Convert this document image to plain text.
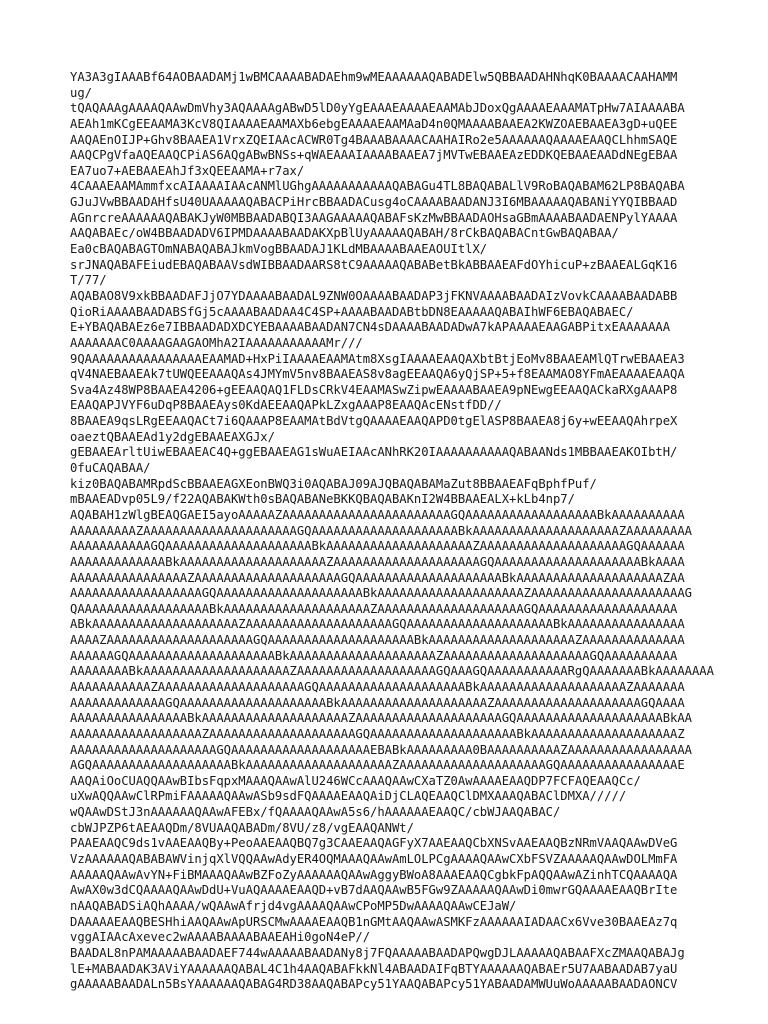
YA3A3gIAAABf64AOBAADAMj1wBMCAAAABADAEhm9wMEAAAAAAQABADElw5QBBAADAHNhqK0BAAAACAAHAMM
ug/
tQAQAAAgAAAAQAAwDmVhy3AQAAAAgABwD5lD0yYgEAAAEAAAAEAAMAbJDoxQgAAAAEAAAMATpHw7AIAAAABA
AEAh1mKCgEEAAMA3KcV8QIAAAAEAAMAXb6ebgEAAAAEAAMAaD4n0QMAAAABAAEA2KWZOAEBAAEA3gD+uQEE
AAQAEnOIJP+Ghv8BAAEA1VrxZQEIAAcACWR0Tg4BAAABAAAACAAHAIRo2e5AAAAAAQAAAAEAAQCLhhmSAQE
AAQCPgVfaAQEAAQCPiAS6AQgABwBNSs+qWAEAAAIAAAABAAEA7jMVTwEBAAEAzEDDKQEBAAEAADdNEgEBAA
EA7uo7+AEBAAEAhJf3xQEEAAMA+r7ax/
4CAAAEAAMAmmfxcAIAAAAIAAcANMlUGhgAAAAAAAAAAAQABAGu4TL8BAQABALlV9RoBAQABAM62LP8BAQABA
GJuJVwBBAADAHfsU40UAAAAAQABACPiHrcBBAADACusg4oCAAAABAADANJ3I6MBAAAAAQABANiYYQIBBAAD
AGnrcreAAAAAAQABAKJyW0MBBAADABQI3AAGAAAAAQABAFsKzMwBBAADAOHsaGBmAAAABAADAENPylYAAAA
AAQABAEc/oW4BBAADADV6IPMDAAAABAADAKXpBlUyAAAAAQABAH/8rCkBAQABACntGwBAQABAA/
Ea0cBAQABAGTOmNABAQABAJkmVogBBAADAJ1KLdMBAAAABAAEAOUItlX/
srJNAQABAFEiudEBAQABAAVsdWIBBAADAARS8tC9AAAAAQABABetBkABBAAEAFdOYhicuP+zBAAEALGqK16
T/77/
AQABAO8V9xkBBAADAFJjO7YDAAAABAADAL9ZNW0OAAAABAADAP3jFKNVAAAABAADAIzVovkCAAAABAADABB
QioRiAAAABAADABSfGj5cAAAABAADAA4C4SP+AAAABAADABtbDN8EAAAAAQABAIhWF6EBAQABAEC/
E+YBAQABAEz6e7IBBAADADXDCYEBAAAABAADAN7CN4sDAAAABAADADwA7kAPAAAAEAAGABPitxEAAAAAAA
AAAAAAAC0AAAAGAAGAOMhA2IAAAAAAAAAAAMr///
9QAAAAAAAAAAAAAAAAEAAMAD+HxPiIAAAAEAAMAtm8XsgIAAAAEAAQAXbtBtjEoMv8BAAEAMlQTrwEBAAEA3
qV4NAEBAAEAk7tUWQEEAAAQAs4JMYmV5nv8BAAEAS8v8agEEAAQA6yQjSP+5+f8EAAMAO8YFmAEAAAAEAAQA
Sva4Az48WP8BAAEA4206+gEEAAQAQ1FLDsCRkV4EAAMASwZipwEAAAABAAEA9pNEwgEEAAQACkaRXgAAAP8
EAAQAPJVYF6uDqP8BAAEAys0KdAEEAAQAPkLZxgAAAP8EAAQAcENstfDD//
8BAAEA9qsLRgEEAAQACt7i6QAAAP8EAAMAtBdVtgQAAAAEAAQAPD0tgElASP8BAAEA8j6y+wEEAAQAhrpeX
oaeztQBAAEAd1y2dgEBAAEAXGJx/
gEBAAEArltUiwEBAAEAC4Q+ggEBAAEAG1sWuAEIAAcANhRK20IAAAAAAAAAAQABAANds1MBBAAEAKOIbtH/
0fuCAQABAA/
kiz0BAQABAMRpdScBBAAEAGXEonBWQ3i0AQABAJ09AJQBAQABAMaZut8BBAAEAFqBphfPuf/
mBAAEADvp05L9/f22AQABAKWth0sBAQABANeBKKQBAQABAKnI2W4BBAAEALX+kLb4np7/
AQABAH1zWlgBEAQGAEI5ayoAAAAAZAAAAAAAAAAAAAAAAAAAAAAAGQAAAAAAAAAAAAAAAAAABkAAAAAAAAAA
AAAAAAAAAZAAAAAAAAAAAAAAAAAAAAAGQAAAAAAAAAAAAAAAAAAAABkAAAAAAAAAAAAAAAAAAAAZAAAAAAAAA
AAAAAAAAAAAGQAAAAAAAAAAAAAAAAAAAABkAAAAAAAAAAAAAAAAAAAAZAAAAAAAAAAAAAAAAAAAAGQAAAAAA
AAAAAAAAAAAAABkAAAAAAAAAAAAAAAAAAAAZAAAAAAAAAAAAAAAAAAAAGQAAAAAAAAAAAAAAAAAAAABkAAAA
AAAAAAAAAAAAAAAAZAAAAAAAAAAAAAAAAAAAAGQAAAAAAAAAAAAAAAAAAAABkAAAAAAAAAAAAAAAAAAAAZAA
AAAAAAAAAAAAAAAAAAGQAAAAAAAAAAAAAAAAAAAABkAAAAAAAAAAAAAAAAAAAAZAAAAAAAAAAAAAAAAAAAAAG
QAAAAAAAAAAAAAAAAAABkAAAAAAAAAAAAAAAAAAAAZAAAAAAAAAAAAAAAAAAAAGQAAAAAAAAAAAAAAAAAAA
ABkAAAAAAAAAAAAAAAAAAAAZAAAAAAAAAAAAAAAAAAAAGQAAAAAAAAAAAAAAAAAAAABkAAAAAAAAAAAAAAAA
AAAAZAAAAAAAAAAAAAAAAAAAAGQAAAAAAAAAAAAAAAAAAAABkAAAAAAAAAAAAAAAAAAAAZAAAAAAAAAAAAAA
AAAAAAGQAAAAAAAAAAAAAAAAAAAABkAAAAAAAAAAAAAAAAAAAAZAAAAAAAAAAAAAAAAAAAAGQAAAAAAAAAA
AAAAAAAABkAAAAAAAAAAAAAAAAAAAAZAAAAAAAAAAAAAAAAAAAGQAAAGQAAAAAAAAAAARgQAAAAAAABkAAAAAAAA
AAAAAAAAAAAZAAAAAAAAAAAAAAAAAAAAGQAAAAAAAAAAAAAAAAAAAABkAAAAAAAAAAAAAAAAAAAAZAAAAAAA
AAAAAAAAAAAAAGQAAAAAAAAAAAAAAAAAAAABkAAAAAAAAAAAAAAAAAAAAZAAAAAAAAAAAAAAAAAAAAGQAAAA
AAAAAAAAAAAAAAAABkAAAAAAAAAAAAAAAAAAAAZAAAAAAAAAAAAAAAAAAAAGQAAAAAAAAAAAAAAAAAAAABkAA
AAAAAAAAAAAAAAAAAAZAAAAAAAAAAAAAAAAAAAAGQAAAAAAAAAAAAAAAAAAAABkAAAAAAAAAAAAAAAAAAAAZ
AAAAAAAAAAAAAAAAAAAAGQAAAAAAAAAAAAAAAAAAAEBABkAAAAAAAAA0BAAAAAAAAAAZAAAAAAAAAAAAAAAAA
AGQAAAAAAAAAAAAAAAAAAABkAAAAAAAAAAAAAAAAAAAAZAAAAAAAAAAAAAAAAAAAAGQAAAAAAAAAAAAAAAAE
AAQAiOoCUAQQAAwBIbsFqpxMAAAQAAwAlU246WCcAAAQAAwCXaTZ0AwAAAAEAAQDP7FCFAQEAAQCc/
uXwAQQAAwClRPmiFAAAAAQAAwASb9sdFQAAAAEAAQAiDjCLAQEAAQClDMXAAAQABAClDMXA/////
wQAAwDStJ3nAAAAAAQAAwAFEBx/fQAAAAQAAwA5s6/hAAAAAAEAAQC/cbWJAAQABAC/
cbWJPZP6tAEAAQDm/8VUAAQABADm/8VU/z8/vgEAAQANWt/
PAAEAAQC9ds1vAAEAAQBy+PeoAAEAAQBQ7g3CAAEAAQAGFyX7AAEAAQCbXNSvAAEAAQBzNRmVAAQAAwDVeG
VzAAAAAAQABABAWVinjqXlVQQAAwAdyER4OQMAAAQAAwAmLOLPCgAAAAQAAwCXbFSVZAAAAAQAAwDOLMmFA
AAAAAQAAwAvYN+FiBMAAAQAAwBZFoZyAAAAAAQAAwAggyBWoA8AAAEAAQCgbkFpAQQAAwAZinhTCQAAAAQA
AwAX0w3dCQAAAAQAAwDdU+VuAQAAAAEAAQD+vB7dAAQAAwB5FGw9ZAAAAAQAAwDi0mwrGQAAAAEAAQBrIte
nAAQABADSiAQhAAAA/wQAAwAfrjd4vgAAAAQAAwCPoMP5DwAAAAQAAwCEJaW/
DAAAAAEAAQBESHhiAAQAAwApURSCMwAAAAEAAQB1nGMtAAQAAwASMKFzAAAAAAIADAACx6Vve30BAAEAz7q
vggAIAAcAxevec2wAAAABAAAABAAEAHi0goN4eP//
BAADAL8nPAMAAAAABAADAEF744wAAAAABAADANy8j7FQAAAAABAADAPQwgDJLAAAAAQABAAFXcZMAAQABAJg
lE+MABAADAK3AViYAAAAAAQABAL4C1h4AAQABAFkkNl4ABAADAIFqBTYAAAAAAQABAEr5U7AABAADAB7yaU
gAAAAABAADALn5BsYAAAAAAQABAG4RD38AAQABAPcy51YAAQABAPcy51YABAADAMWUuWoAAAAABAADAONCV
